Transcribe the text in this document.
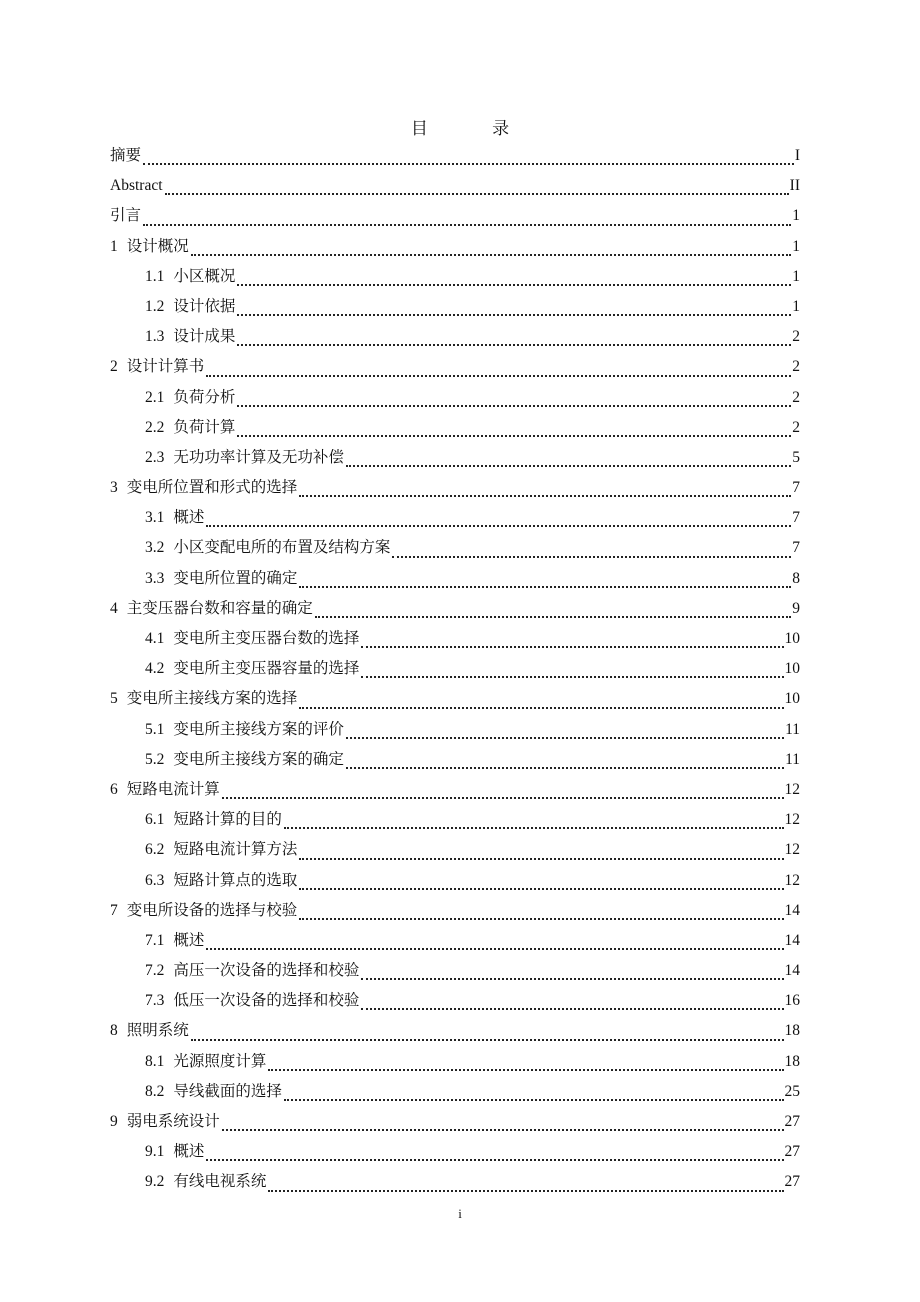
目 录
摘要	I
Abstract	II
引言	1
1 设计概况	1
1.1 小区概况	1
1.2 设计依据	1
1.3 设计成果	2
2 设计计算书	2
2.1 负荷分析	2
2.2 负荷计算	2
2.3 无功功率计算及无功补偿	5
3 变电所位置和形式的选择	7
3.1 概述	7
3.2 小区变配电所的布置及结构方案	7
3.3 变电所位置的确定	8
4 主变压器台数和容量的确定	9
4.1 变电所主变压器台数的选择	10
4.2 变电所主变压器容量的选择	10
5 变电所主接线方案的选择	10
5.1 变电所主接线方案的评价	11
5.2 变电所主接线方案的确定	11
6 短路电流计算	12
6.1 短路计算的目的	12
6.2 短路电流计算方法	12
6.3 短路计算点的选取	12
7 变电所设备的选择与校验	14
7.1 概述	14
7.2 高压一次设备的选择和校验	14
7.3 低压一次设备的选择和校验	16
8 照明系统	18
8.1 光源照度计算	18
8.2 导线截面的选择	25
9 弱电系统设计	27
9.1 概述	27
9.2 有线电视系统	27
i
